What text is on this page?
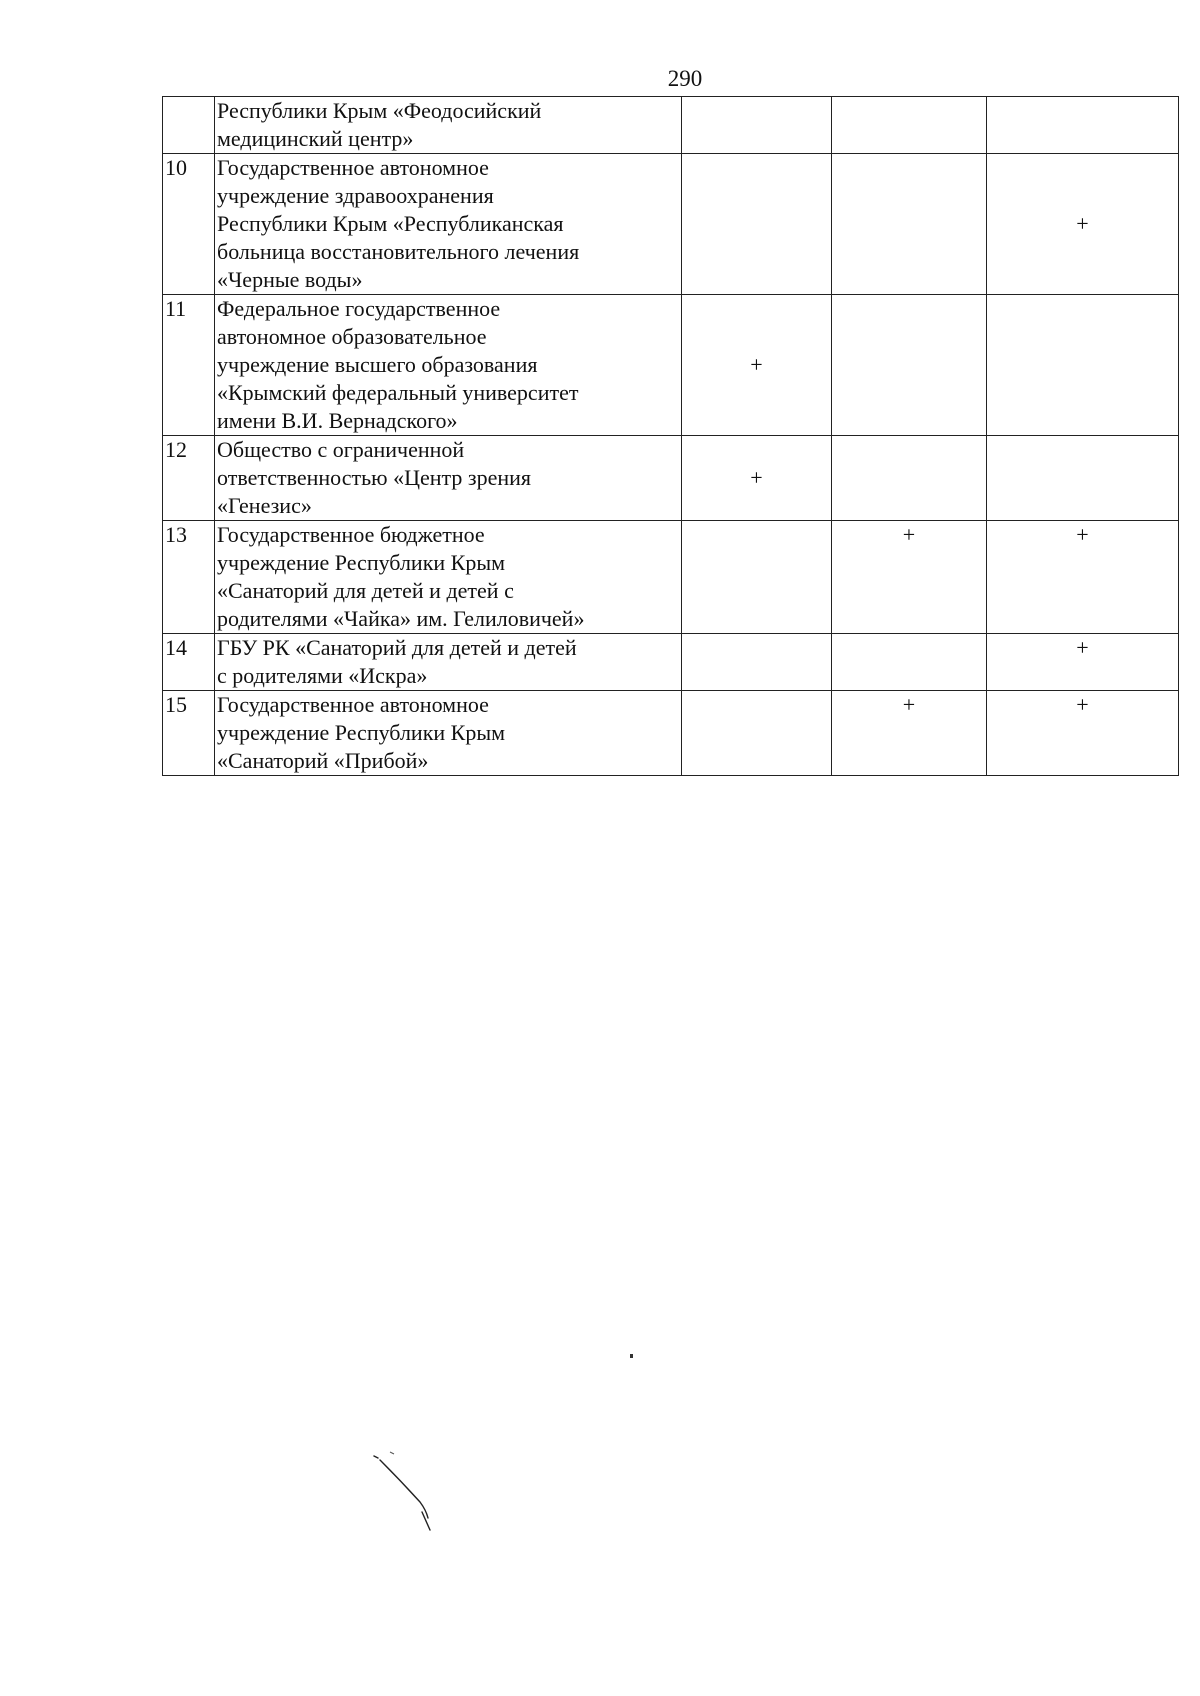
290

	Республики Крым «Феодосийский
медицинский центр»			

10	Государственное автономное
учреждение здравоохранения
Республики Крым «Республиканская
больница восстановительного лечения
«Черные воды»			+

11	Федеральное государственное
автономное образовательное
учреждение высшего образования
«Крымский федеральный университет
имени В.И. Вернадского»	+		

12	Общество с ограниченной
ответственностью «Центр зрения
«Генезис»	+		

13	Государственное бюджетное
учреждение Республики Крым
«Санаторий для детей и детей с
родителями «Чайка» им. Гелиловичей»		+	+

14	ГБУ РК «Санаторий для детей и детей
с родителями «Искра»			+

15	Государственное автономное
учреждение Республики Крым
«Санаторий «Прибой»		+	+
